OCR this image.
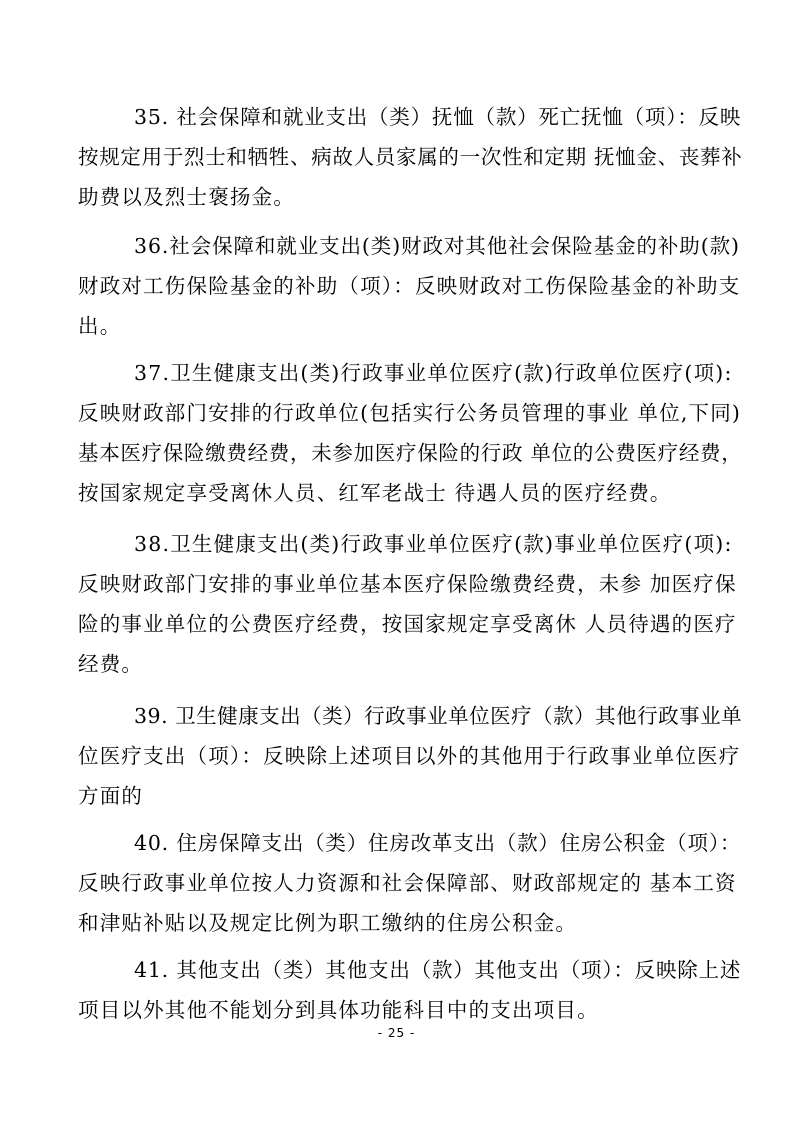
35. 社会保障和就业支出（类）抚恤（款）死亡抚恤（项）：反映
按规定用于烈士和牺牲、病故人员家属的一次性和定期 抚恤金、丧葬补
助费以及烈士褒扬金。
36.社会保障和就业支出(类)财政对其他社会保险基金的补助(款)
财政对工伤保险基金的补助（项）：反映财政对工伤保险基金的补助支
出。
37.卫生健康支出(类)行政事业单位医疗(款)行政单位医疗(项):
反映财政部门安排的行政单位(包括实行公务员管理的事业 单位,下同)
基本医疗保险缴费经费，未参加医疗保险的行政 单位的公费医疗经费，
按国家规定享受离休人员、红军老战士 待遇人员的医疗经费。
38.卫生健康支出(类)行政事业单位医疗(款)事业单位医疗(项):
反映财政部门安排的事业单位基本医疗保险缴费经费，未参 加医疗保
险的事业单位的公费医疗经费，按国家规定享受离休 人员待遇的医疗
经费。
39. 卫生健康支出（类）行政事业单位医疗（款）其他行政事业单
位医疗支出（项）：反映除上述项目以外的其他用于行政事业单位医疗
方面的
40. 住房保障支出（类）住房改革支出（款）住房公积金（项）：
反映行政事业单位按人力资源和社会保障部、财政部规定的 基本工资
和津贴补贴以及规定比例为职工缴纳的住房公积金。
41. 其他支出（类）其他支出（款）其他支出（项）：反映除上述
项目以外其他不能划分到具体功能科目中的支出项目。
- 25 -
